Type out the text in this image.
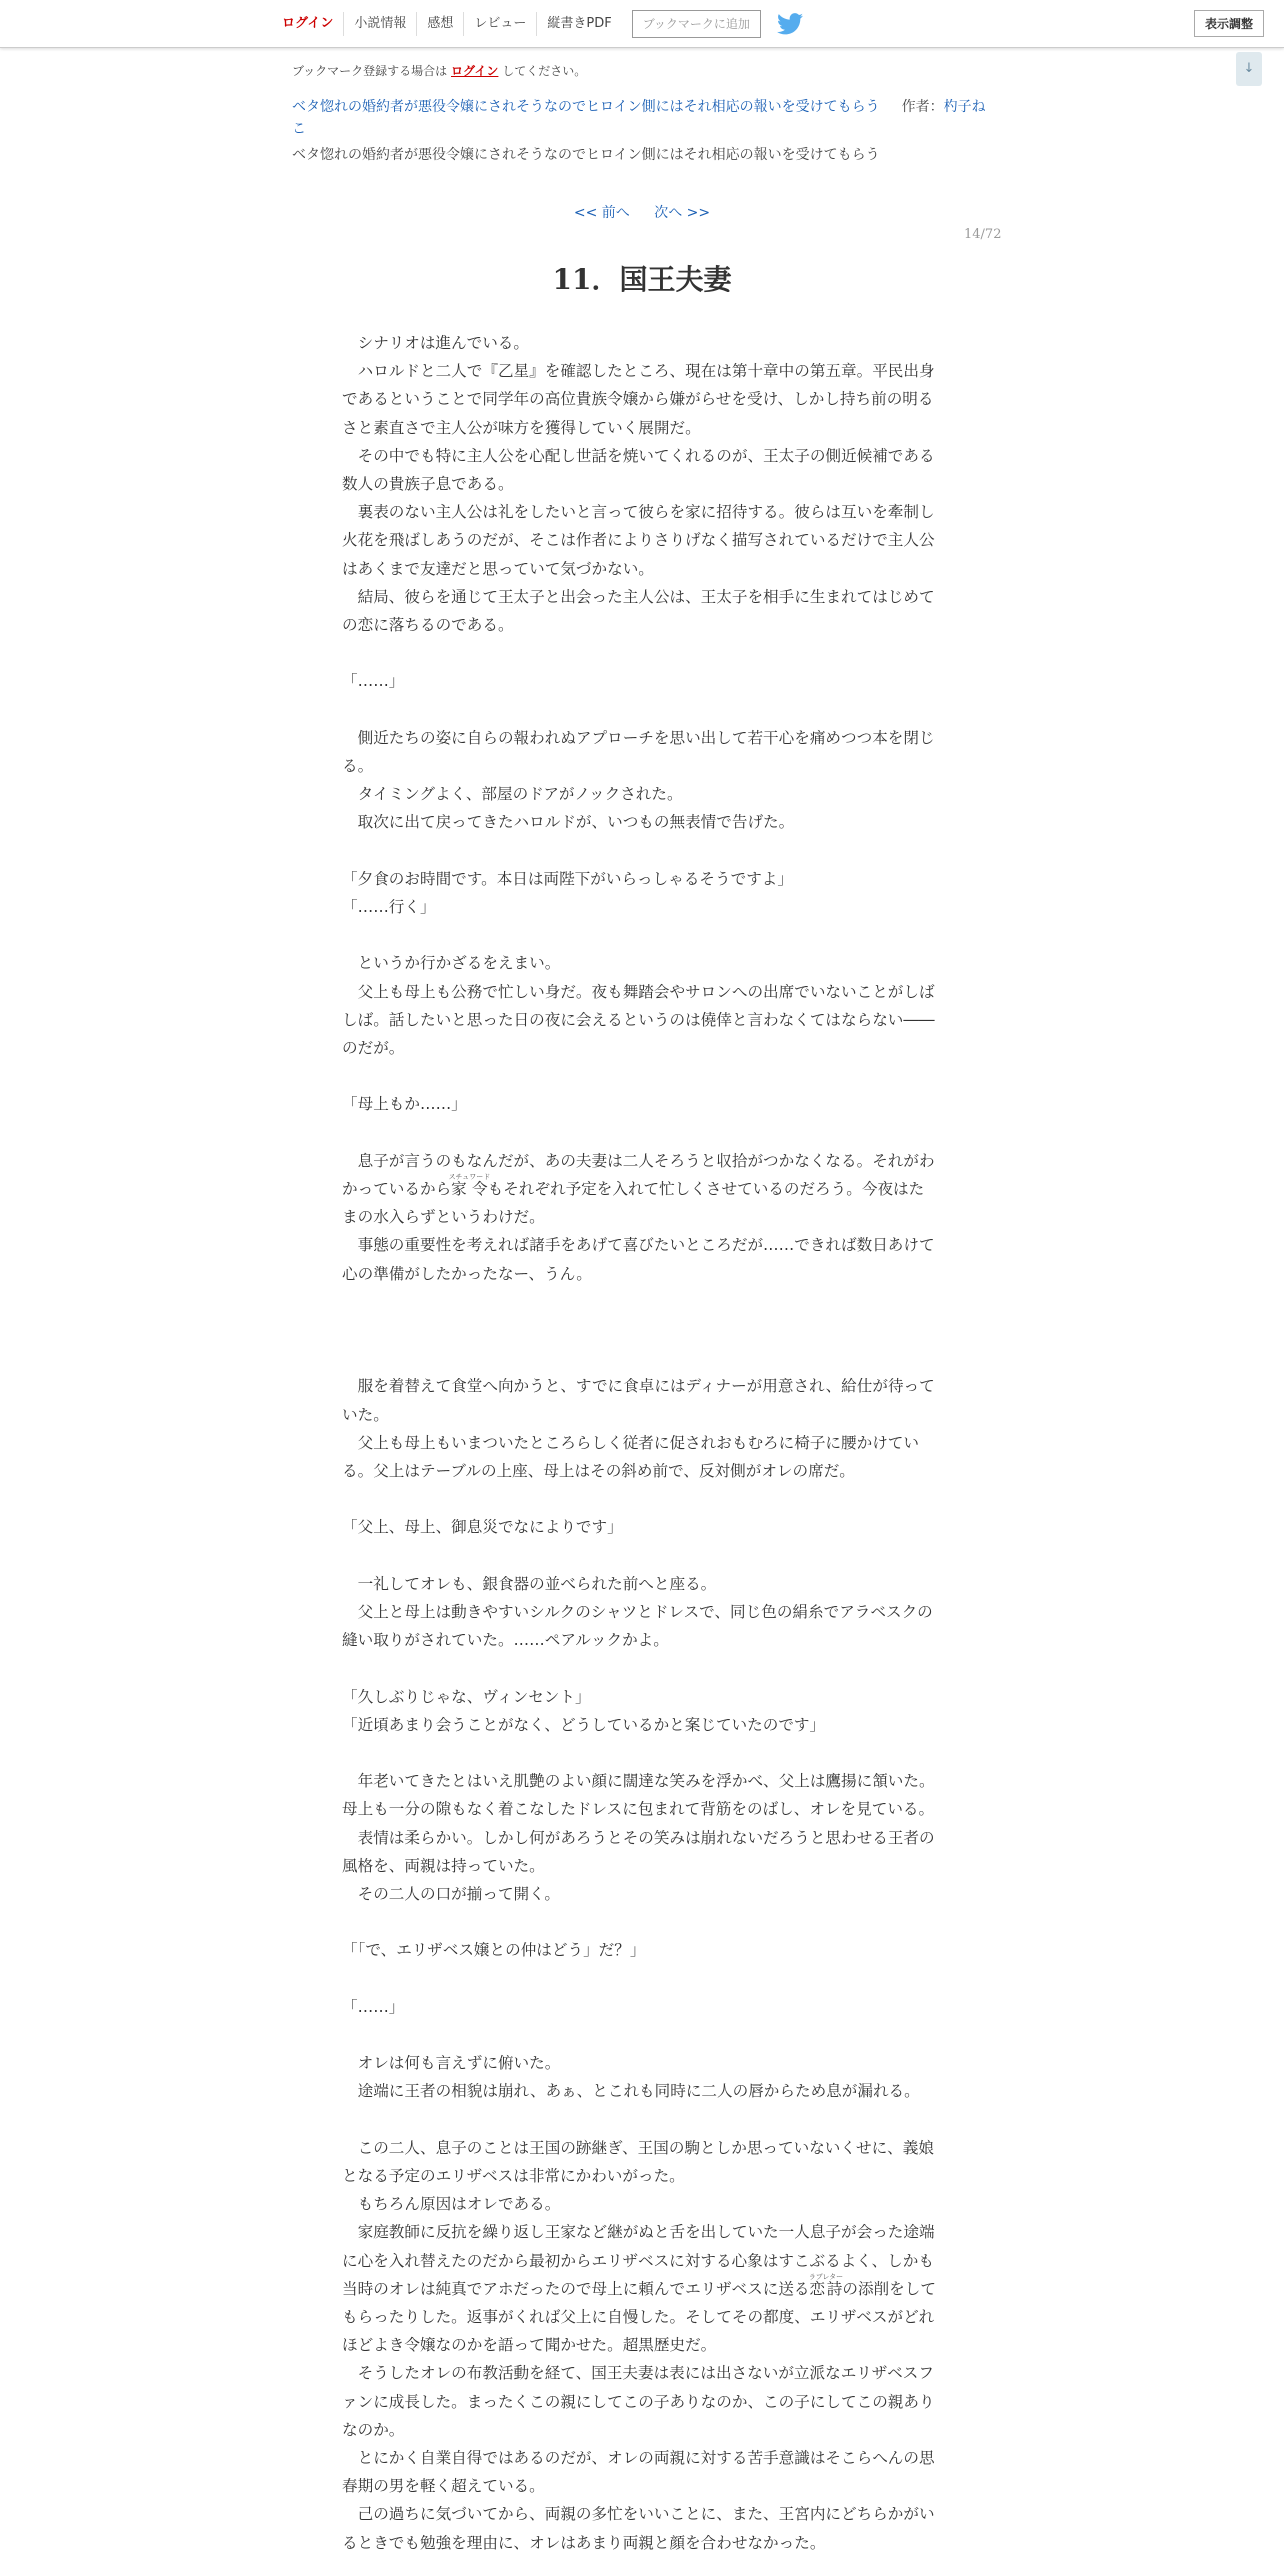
ログイン	小説情報	感想	レビュー	縦書きPDF	ブックマークに追加	表示調整
↓
ブックマーク登録する場合は ログイン してください。
ベタ惚れの婚約者が悪役令嬢にされそうなのでヒロイン側にはそれ相応の報いを受けてもらう 作者：杓子ねこ
ベタ惚れの婚約者が悪役令嬢にされそうなのでヒロイン側にはそれ相応の報いを受けてもらう
<< 前へ 次へ >>
14/72
11．国王夫妻

　シナリオは進んでいる。

　ハロルドと二人で『乙星』を確認したところ、現在は第十章中の第五章。平民出身であるということで同学年の高位貴族令嬢から嫌がらせを受け、しかし持ち前の明るさと素直さで主人公が味方を獲得していく展開だ。

　その中でも特に主人公を心配し世話を焼いてくれるのが、王太子の側近候補である数人の貴族子息である。

　裏表のない主人公は礼をしたいと言って彼らを家に招待する。彼らは互いを牽制し火花を飛ばしあうのだが、そこは作者によりさりげなく描写されているだけで主人公はあくまで友達だと思っていて気づかない。

　結局、彼らを通じて王太子と出会った主人公は、王太子を相手に生まれてはじめての恋に落ちるのである。

「……」

　側近たちの姿に自らの報われぬアプローチを思い出して若干心を痛めつつ本を閉じる。

　タイミングよく、部屋のドアがノックされた。

　取次に出て戻ってきたハロルドが、いつもの無表情で告げた。

「夕食のお時間です。本日は両陛下がいらっしゃるそうですよ」

「……行く」

　というか行かざるをえまい。

　父上も母上も公務で忙しい身だ。夜も舞踏会やサロンへの出席でいないことがしばしば。話したいと思った日の夜に会えるというのは僥倖と言わなくてはならない――のだが。

「母上もか……」

　息子が言うのもなんだが、あの夫妻は二人そろうと収拾がつかなくなる。それがわかっているから家令スチュワードもそれぞれ予定を入れて忙しくさせているのだろう。今夜はたまの水入らずというわけだ。

　事態の重要性を考えれば諸手をあげて喜びたいところだが……できれば数日あけて心の準備がしたかったなー、うん。

　服を着替えて食堂へ向かうと、すでに食卓にはディナーが用意され、給仕が待っていた。

　父上も母上もいまついたところらしく従者に促されおもむろに椅子に腰かけている。父上はテーブルの上座、母上はその斜め前で、反対側がオレの席だ。

「父上、母上、御息災でなによりです」

　一礼してオレも、銀食器の並べられた前へと座る。

　父上と母上は動きやすいシルクのシャツとドレスで、同じ色の絹糸でアラベスクの縫い取りがされていた。……ペアルックかよ。

「久しぶりじゃな、ヴィンセント」

「近頃あまり会うことがなく、どうしているかと案じていたのです」

　年老いてきたとはいえ肌艶のよい顔に闊達な笑みを浮かべ、父上は鷹揚に頷いた。母上も一分の隙もなく着こなしたドレスに包まれて背筋をのばし、オレを見ている。

　表情は柔らかい。しかし何があろうとその笑みは崩れないだろうと思わせる王者の風格を、両親は持っていた。

　その二人の口が揃って開く。

「「で、エリザベス嬢との仲はどう」だ？」

「……」

　オレは何も言えずに俯いた。

　途端に王者の相貌は崩れ、あぁ、とこれも同時に二人の唇からため息が漏れる。

　この二人、息子のことは王国の跡継ぎ、王国の駒としか思っていないくせに、義娘となる予定のエリザベスは非常にかわいがった。

　もちろん原因はオレである。

　家庭教師に反抗を繰り返し王家など継がぬと舌を出していた一人息子が会った途端に心を入れ替えたのだから最初からエリザベスに対する心象はすこぶるよく、しかも当時のオレは純真でアホだったので母上に頼んでエリザベスに送る恋詩ラブレターの添削をしてもらったりした。返事がくれば父上に自慢した。そしてその都度、エリザベスがどれほどよき令嬢なのかを語って聞かせた。超黒歴史だ。

　そうしたオレの布教活動を経て、国王夫妻は表には出さないが立派なエリザベスファンに成長した。まったくこの親にしてこの子ありなのか、この子にしてこの親ありなのか。

　とにかく自業自得ではあるのだが、オレの両親に対する苦手意識はそこらへんの思春期の男を軽く超えている。

　己の過ちに気づいてから、両親の多忙をいいことに、また、王宮内にどちらかがいるときでも勉強を理由に、オレはあまり両親と顔を合わせなかった。
